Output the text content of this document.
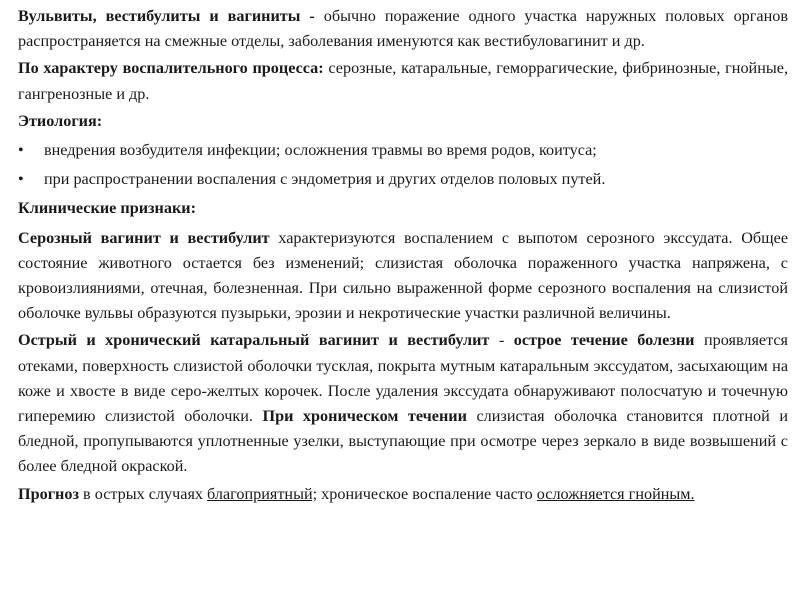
Вульвиты, вестибулиты и вагиниты - обычно поражение одного участка наружных половых органов распространяется на смежные отделы, заболевания именуются как вестибуловагинит и др.

По характеру воспалительного процесса: серозные, катаральные, геморрагические, фибринозные, гнойные, гангренозные и др.

Этиология:

•	внедрения возбудителя инфекции; осложнения травмы во время родов, коитуса;
•	при распространении воспаления с эндометрия и других отделов половых путей.

Клинические признаки:

Серозный вагинит и вестибулит характеризуются воспалением с выпотом серозного экссудата. Общее состояние животного остается без изменений; слизистая оболочка пораженного участка напряжена, с кровоизлияниями, отечная, болезненная. При сильно выраженной форме серозного воспаления на слизистой оболочке вульвы образуются пузырьки, эрозии и некротические участки различной величины.

Острый и хронический катаральный вагинит и вестибулит - острое течение болезни проявляется отеками, поверхность слизистой оболочки тусклая, покрыта мутным катаральным экссудатом, засыхающим на коже и хвосте в виде серо-желтых корочек. После удаления экссудата обнаруживают полосчатую и точечную гиперемию слизистой оболочки. При хроническом течении слизистая оболочка становится плотной и бледной, пропупываются уплотненные узелки, выступающие при осмотре через зеркало в виде возвышений с более бледной окраской.

Прогноз в острых случаях благоприятный; хроническое воспаление часто осложняется гнойным.
